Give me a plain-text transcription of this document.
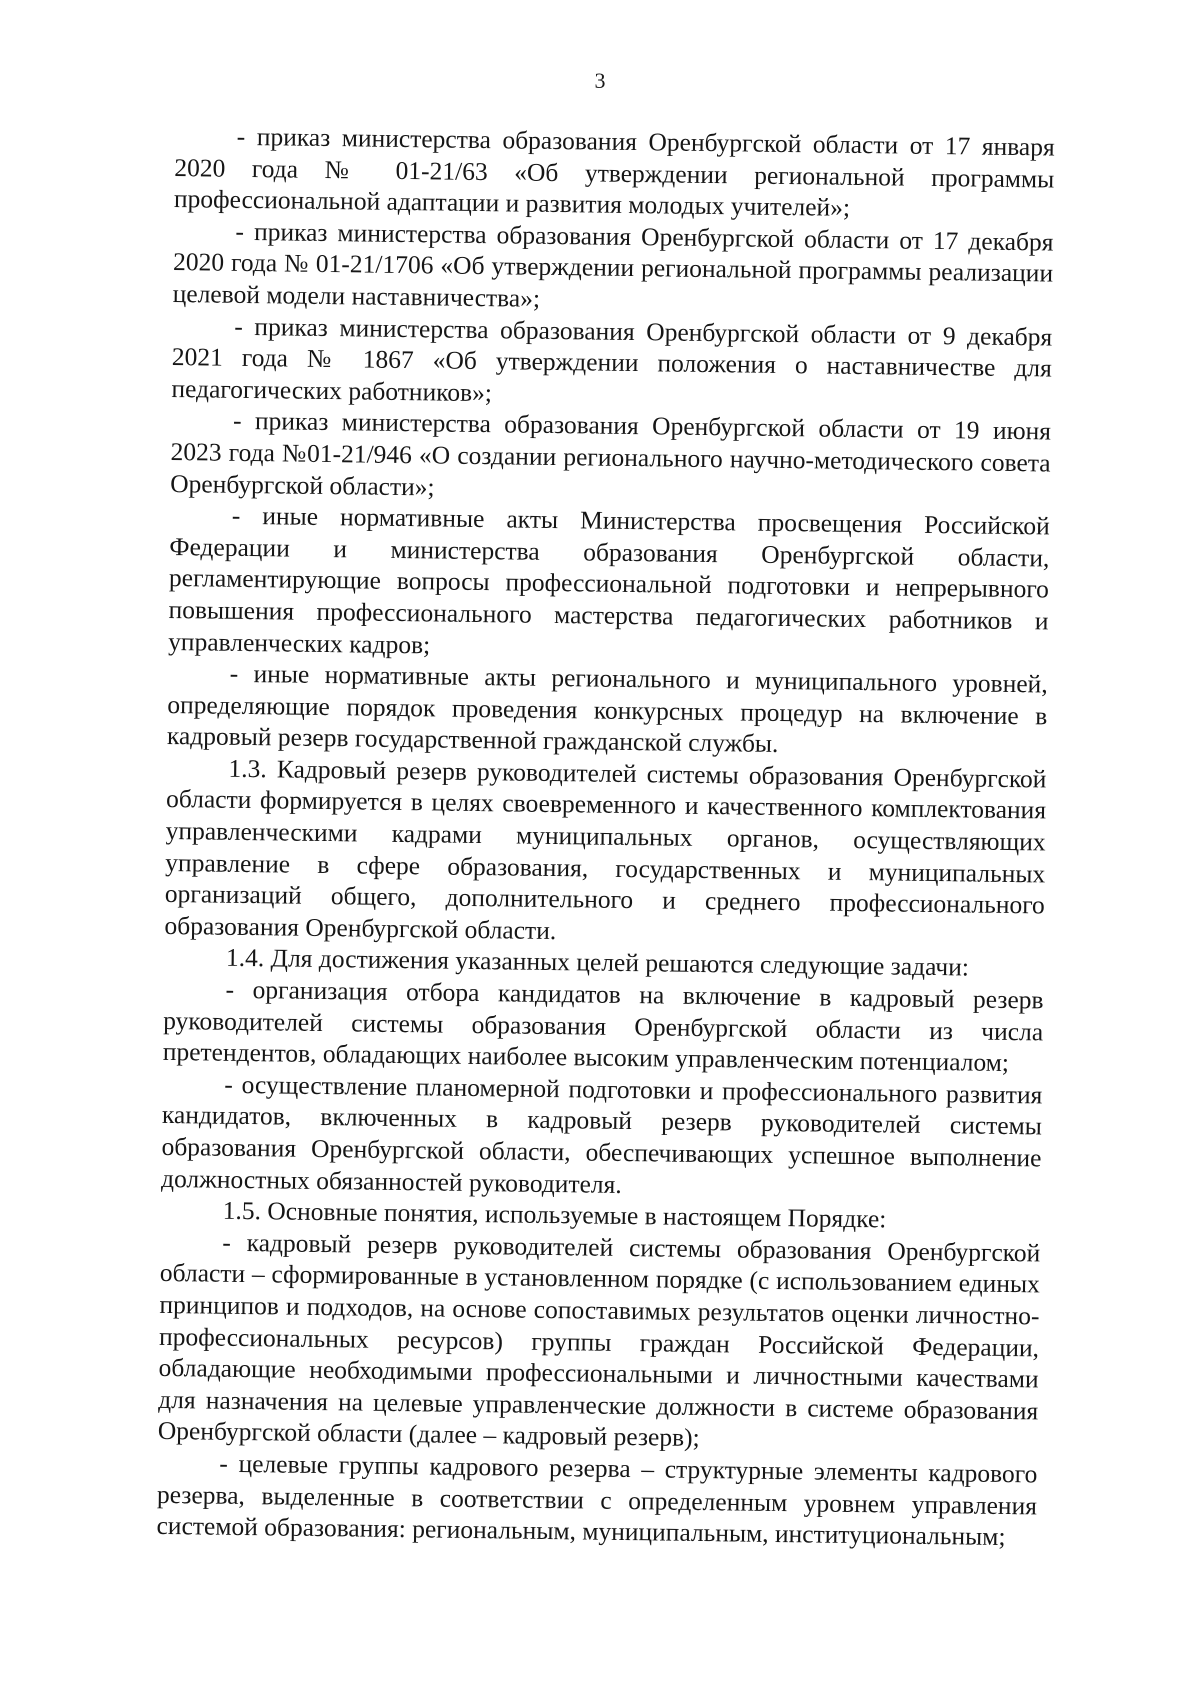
3

- приказ министерства образования Оренбургской области от 17 января 2020 года № 01-21/63 «Об утверждении региональной программы профессиональной адаптации и развития молодых учителей»;

- приказ министерства образования Оренбургской области от 17 декабря 2020 года № 01-21/1706 «Об утверждении региональной программы реализации целевой модели наставничества»;

- приказ министерства образования Оренбургской области от 9 декабря 2021 года № 1867 «Об утверждении положения о наставничестве для педагогических работников»;

- приказ министерства образования Оренбургской области от 19 июня 2023 года №01-21/946 «О создании регионального научно-методического совета Оренбургской области»;

- иные нормативные акты Министерства просвещения Российской Федерации и министерства образования Оренбургской области, регламентирующие вопросы профессиональной подготовки и непрерывного повышения профессионального мастерства педагогических работников и управленческих кадров;

- иные нормативные акты регионального и муниципального уровней, определяющие порядок проведения конкурсных процедур на включение в кадровый резерв государственной гражданской службы.

1.3. Кадровый резерв руководителей системы образования Оренбургской области формируется в целях своевременного и качественного комплектования управленческими кадрами муниципальных органов, осуществляющих управление в сфере образования, государственных и муниципальных организаций общего, дополнительного и среднего профессионального образования Оренбургской области.

1.4. Для достижения указанных целей решаются следующие задачи:

- организация отбора кандидатов на включение в кадровый резерв руководителей системы образования Оренбургской области из числа претендентов, обладающих наиболее высоким управленческим потенциалом;

- осуществление планомерной подготовки и профессионального развития кандидатов, включенных в кадровый резерв руководителей системы образования Оренбургской области, обеспечивающих успешное выполнение должностных обязанностей руководителя.

1.5. Основные понятия, используемые в настоящем Порядке:

- кадровый резерв руководителей системы образования Оренбургской области – сформированные в установленном порядке (с использованием единых принципов и подходов, на основе сопоставимых результатов оценки личностно-профессиональных ресурсов) группы граждан Российской Федерации, обладающие необходимыми профессиональными и личностными качествами для назначения на целевые управленческие должности в системе образования Оренбургской области (далее – кадровый резерв);

- целевые группы кадрового резерва – структурные элементы кадрового резерва, выделенные в соответствии с определенным уровнем управления системой образования: региональным, муниципальным, институциональным;
